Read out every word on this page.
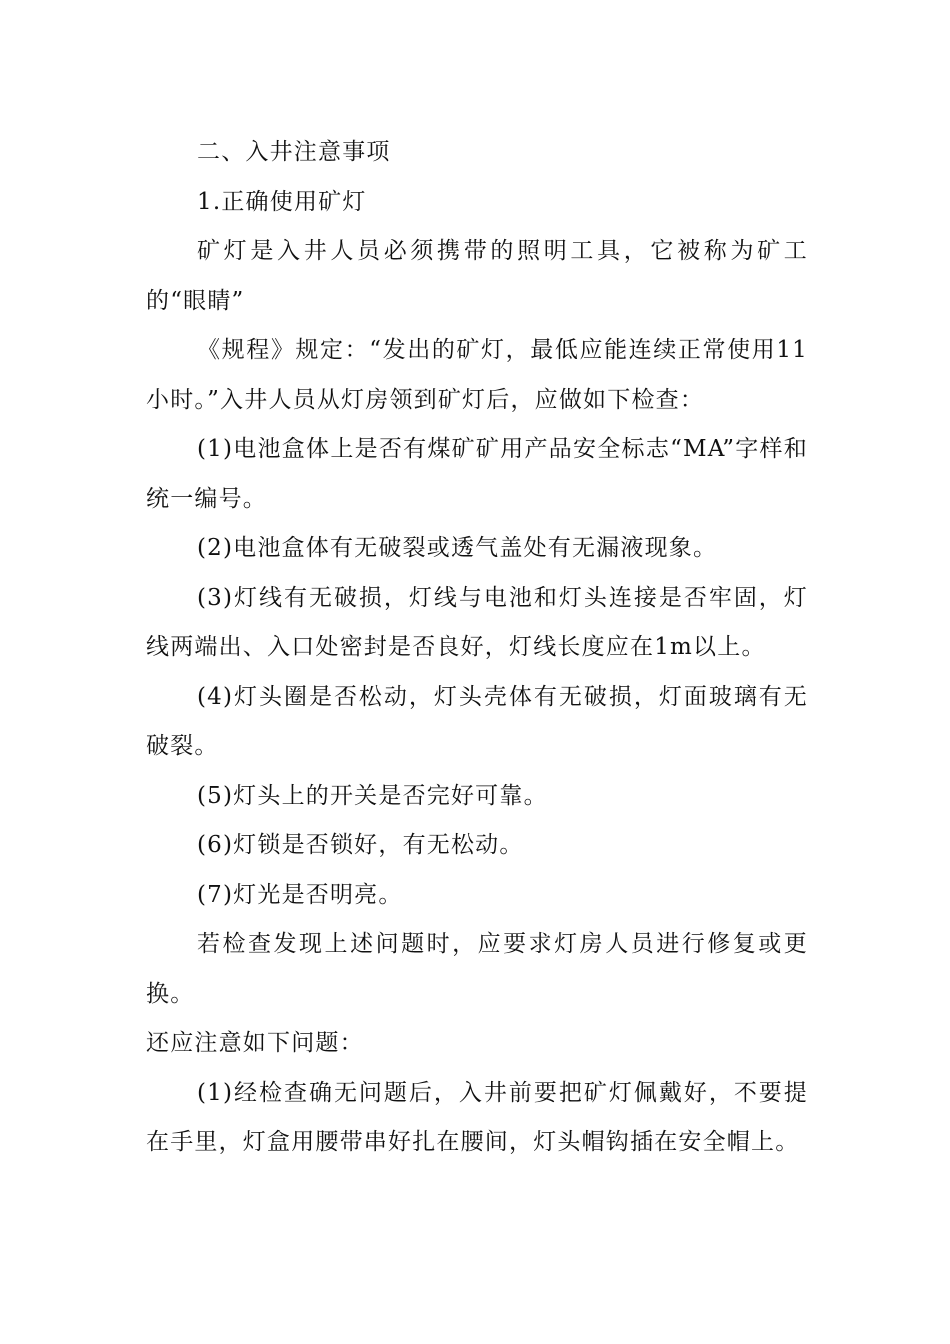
二、入井注意事项

1.正确使用矿灯

矿灯是入井人员必须携带的照明工具，它被称为矿工的“眼睛”

《规程》规定：“发出的矿灯，最低应能连续正常使用11小时。”入井人员从灯房领到矿灯后，应做如下检查：

(1)电池盒体上是否有煤矿矿用产品安全标志“MA”字样和统一编号。

(2)电池盒体有无破裂或透气盖处有无漏液现象。

(3)灯线有无破损，灯线与电池和灯头连接是否牢固，灯线两端出、入口处密封是否良好，灯线长度应在1m以上。

(4)灯头圈是否松动，灯头壳体有无破损，灯面玻璃有无破裂。

(5)灯头上的开关是否完好可靠。

(6)灯锁是否锁好，有无松动。

(7)灯光是否明亮。

若检查发现上述问题时，应要求灯房人员进行修复或更换。

还应注意如下问题：

(1)经检查确无问题后，入井前要把矿灯佩戴好，不要提在手里，灯盒用腰带串好扎在腰间，灯头帽钩插在安全帽上。
